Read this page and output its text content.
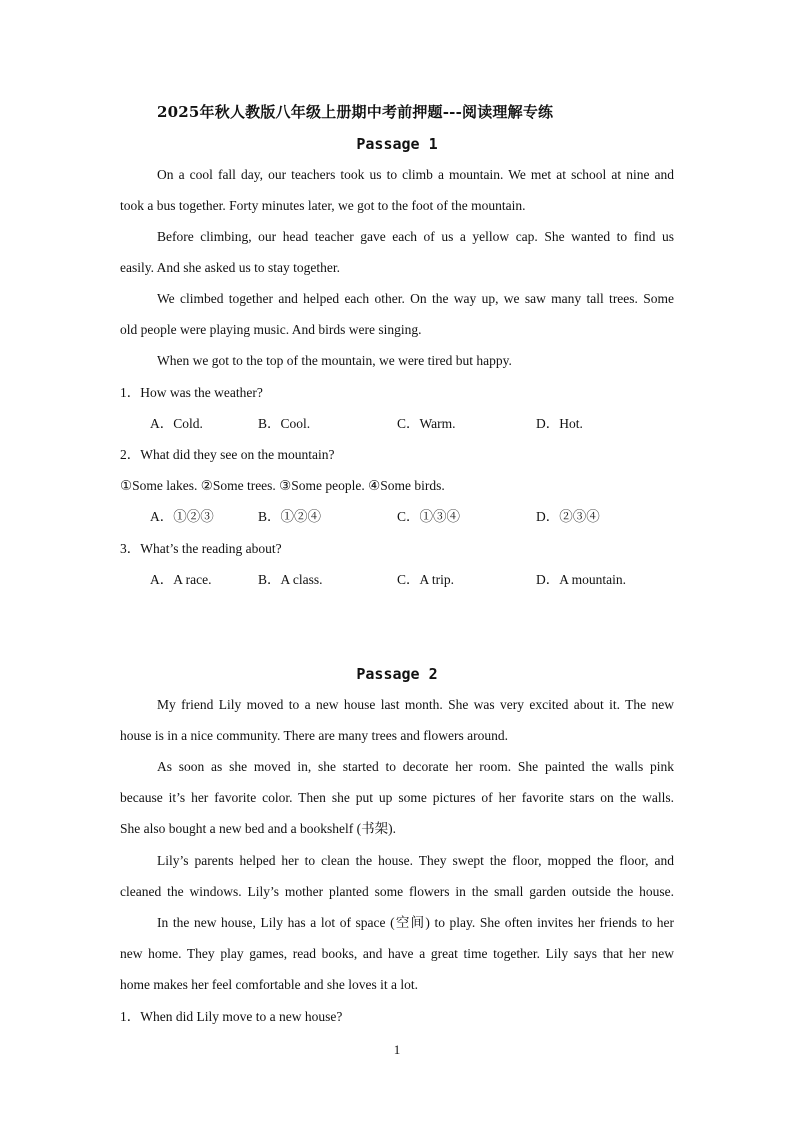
2025年秋人教版八年级上册期中考前押题---阅读理解专练
Passage 1
On a cool fall day, our teachers took us to climb a mountain. We met at school at nine and
took a bus together. Forty minutes later, we got to the foot of the mountain.
Before climbing, our head teacher gave each of us a yellow cap. She wanted to find us
easily. And she asked us to stay together.
We climbed together and helped each other. On the way up, we saw many tall trees. Some
old people were playing music. And birds were singing.
When we got to the top of the mountain, we were tired but happy.
1．How was the weather?
A．Cold.	B．Cool.	C．Warm.	D．Hot.
2．What did they see on the mountain?
①Some lakes. ②Some trees. ③Some people. ④Some birds.
A．①②③	B．①②④	C．①③④	D．②③④
3．What’s the reading about?
A．A race.	B．A class.	C．A trip.	D．A mountain.
Passage 2
My friend Lily moved to a new house last month. She was very excited about it. The new
house is in a nice community. There are many trees and flowers around.
As soon as she moved in, she started to decorate her room. She painted the walls pink
because it’s her favorite color. Then she put up some pictures of her favorite stars on the walls.
She also bought a new bed and a bookshelf (书架).
Lily’s parents helped her to clean the house. They swept the floor, mopped the floor, and
cleaned the windows. Lily’s mother planted some flowers in the small garden outside the house.
In the new house, Lily has a lot of space (空间) to play. She often invites her friends to her
new home. They play games, read books, and have a great time together. Lily says that her new
home makes her feel comfortable and she loves it a lot.
1．When did Lily move to a new house?
1
